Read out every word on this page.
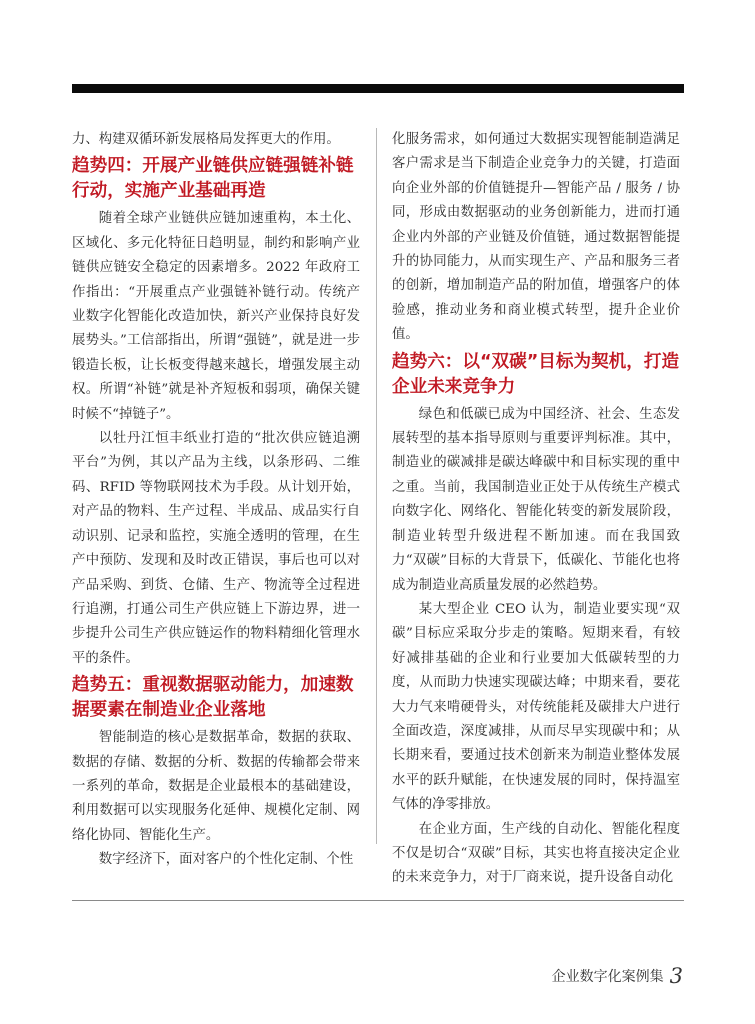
力、构建双循环新发展格局发挥更大的作用。

趋势四：开展产业链供应链强链补链行动，实施产业基础再造

随着全球产业链供应链加速重构，本土化、区域化、多元化特征日趋明显，制约和影响产业链供应链安全稳定的因素增多。2022 年政府工作指出：“开展重点产业强链补链行动。传统产业数字化智能化改造加快，新兴产业保持良好发展势头。”工信部指出，所谓“强链”，就是进一步锻造长板，让长板变得越来越长，增强发展主动权。所谓“补链”就是补齐短板和弱项，确保关键时候不“掉链子”。

以牡丹江恒丰纸业打造的“批次供应链追溯平台”为例，其以产品为主线，以条形码、二维码、RFID 等物联网技术为手段。从计划开始，对产品的物料、生产过程、半成品、成品实行自动识别、记录和监控，实施全透明的管理，在生产中预防、发现和及时改正错误，事后也可以对产品采购、到货、仓储、生产、物流等全过程进行追溯，打通公司生产供应链上下游边界，进一步提升公司生产供应链运作的物料精细化管理水平的条件。

趋势五：重视数据驱动能力，加速数据要素在制造业企业落地

智能制造的核心是数据革命，数据的获取、数据的存储、数据的分析、数据的传输都会带来一系列的革命，数据是企业最根本的基础建设，利用数据可以实现服务化延伸、规模化定制、网络化协同、智能化生产。

数字经济下，面对客户的个性化定制、个性

化服务需求，如何通过大数据实现智能制造满足客户需求是当下制造企业竞争力的关键，打造面向企业外部的价值链提升—智能产品 / 服务 / 协同，形成由数据驱动的业务创新能力，进而打通企业内外部的产业链及价值链，通过数据智能提升的协同能力，从而实现生产、产品和服务三者的创新，增加制造产品的附加值，增强客户的体验感，推动业务和商业模式转型，提升企业价值。

趋势六：以“双碳”目标为契机，打造企业未来竞争力

绿色和低碳已成为中国经济、社会、生态发展转型的基本指导原则与重要评判标准。其中，制造业的碳减排是碳达峰碳中和目标实现的重中之重。当前，我国制造业正处于从传统生产模式向数字化、网络化、智能化转变的新发展阶段，制造业转型升级进程不断加速。而在我国致力“双碳”目标的大背景下，低碳化、节能化也将成为制造业高质量发展的必然趋势。

某大型企业 CEO 认为，制造业要实现“双碳”目标应采取分步走的策略。短期来看，有较好减排基础的企业和行业要加大低碳转型的力度，从而助力快速实现碳达峰；中期来看，要花大力气来啃硬骨头，对传统能耗及碳排大户进行全面改造，深度减排，从而尽早实现碳中和；从长期来看，要通过技术创新来为制造业整体发展水平的跃升赋能，在快速发展的同时，保持温室气体的净零排放。

在企业方面，生产线的自动化、智能化程度不仅是切合“双碳”目标，其实也将直接决定企业的未来竞争力，对于厂商来说，提升设备自动化

企业数字化案例集 3
